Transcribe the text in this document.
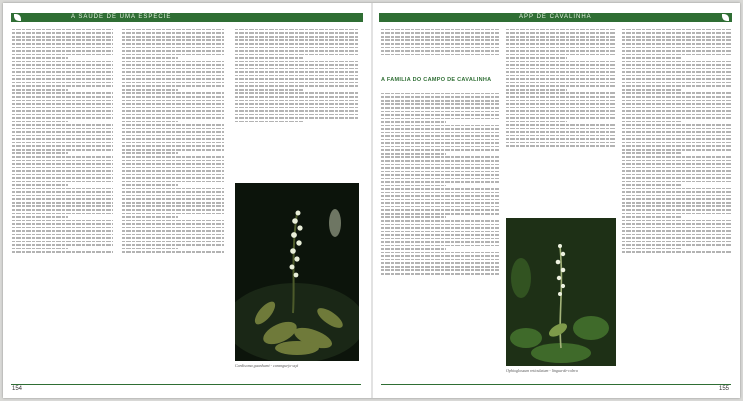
A SAÚDE DE UMA ESPÉCIE
Cardisoma guanhumi - caranguejo-uçá
154
APP DE CAVALINHA
A FAMÍLIA DO CAMPO DE CAVALINHA
Ophioglossum reticulatum - língua-de-cobra
155
